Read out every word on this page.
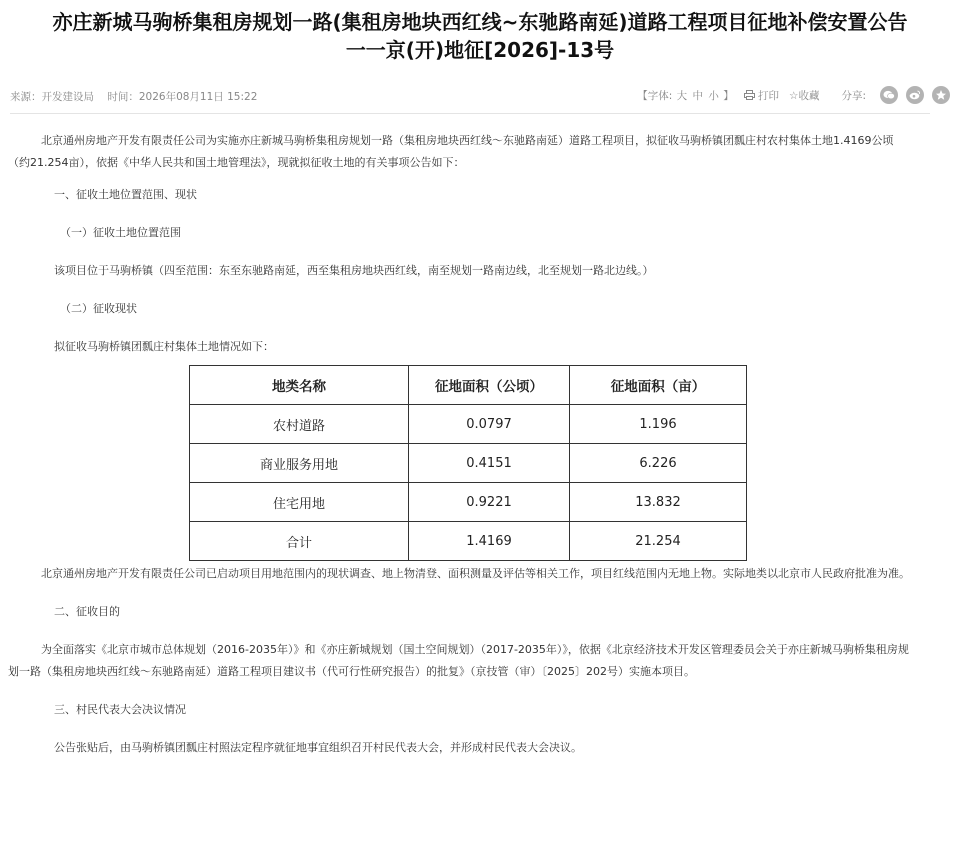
亦庄新城马驹桥集租房规划一路(集租房地块西红线~东驰路南延)道路工程项目征地补偿安置公告
一一京(开)地征[2026]-13号
来源：开发建设局 时间：2026年08月11日 15:22	【字体: 大 中 小 】	打印 ☆收藏 分享:

北京通州房地产开发有限责任公司为实施亦庄新城马驹桥集租房规划一路（集租房地块西红线～东驰路南延）道路工程项目，拟征收马驹桥镇团瓢庄村农村集体土地1.4169公顷（约21.254亩），依据《中华人民共和国土地管理法》，现就拟征收土地的有关事项公告如下：

一、征收土地位置范围、现状

（一）征收土地位置范围

该项目位于马驹桥镇（四至范围：东至东驰路南延，西至集租房地块西红线，南至规划一路南边线，北至规划一路北边线。）

（二）征收现状

拟征收马驹桥镇团瓢庄村集体土地情况如下：

地类名称	征地面积（公顷）	征地面积（亩）
农村道路	0.0797	1.196
商业服务用地	0.4151	6.226
住宅用地	0.9221	13.832
合计	1.4169	21.254

北京通州房地产开发有限责任公司已启动项目用地范围内的现状调查、地上物清登、面积测量及评估等相关工作，项目红线范围内无地上物。实际地类以北京市人民政府批准为准。

二、征收目的

为全面落实《北京市城市总体规划（2016-2035年）》和《亦庄新城规划（国土空间规划）（2017-2035年）》，依据《北京经济技术开发区管理委员会关于亦庄新城马驹桥集租房规划一路（集租房地块西红线～东驰路南延）道路工程项目建议书（代可行性研究报告）的批复》（京技管（审）〔2025〕202号）实施本项目。

三、村民代表大会决议情况

公告张贴后，由马驹桥镇团瓢庄村照法定程序就征地事宜组织召开村民代表大会，并形成村民代表大会决议。
